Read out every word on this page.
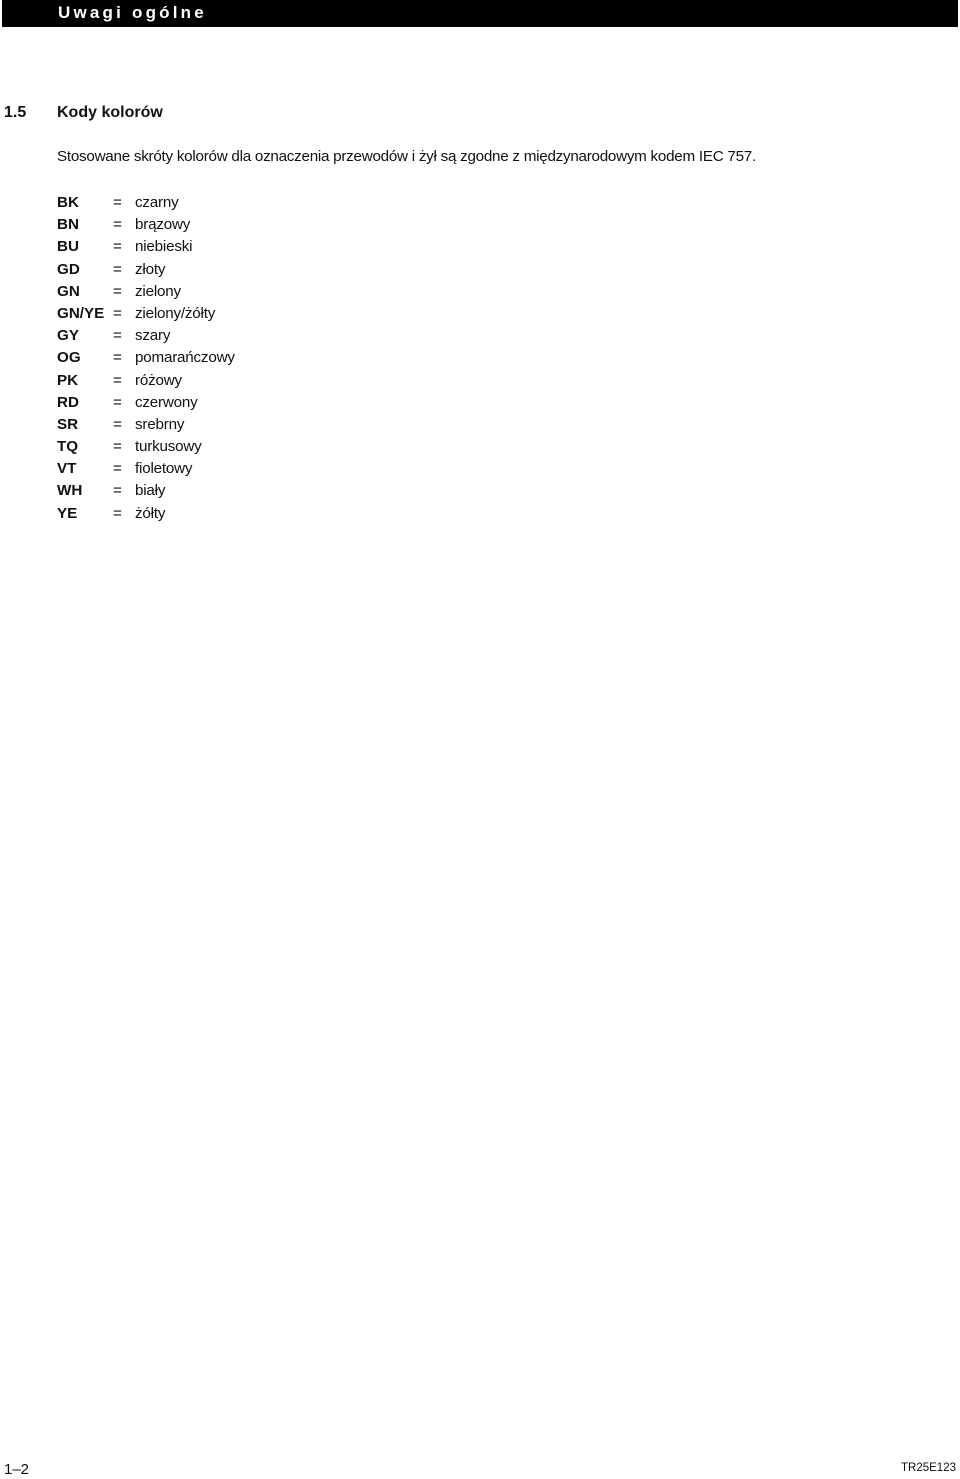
Uwagi ogólne
1.5 Kody kolorów
Stosowane skróty kolorów dla oznaczenia przewodów i żył są zgodne z międzynarodowym kodem IEC 757.
BK	= czarny
BN	= brązowy
BU	= niebieski
GD	= złoty
GN	= zielony
GN/YE = zielony/żółty
GY	= szary
OG	= pomarańczowy
PK	= różowy
RD	= czerwony
SR	= srebrny
TQ	= turkusowy
VT	= fioletowy
WH	= biały
YE	= żółty
1–2	TR25E123
